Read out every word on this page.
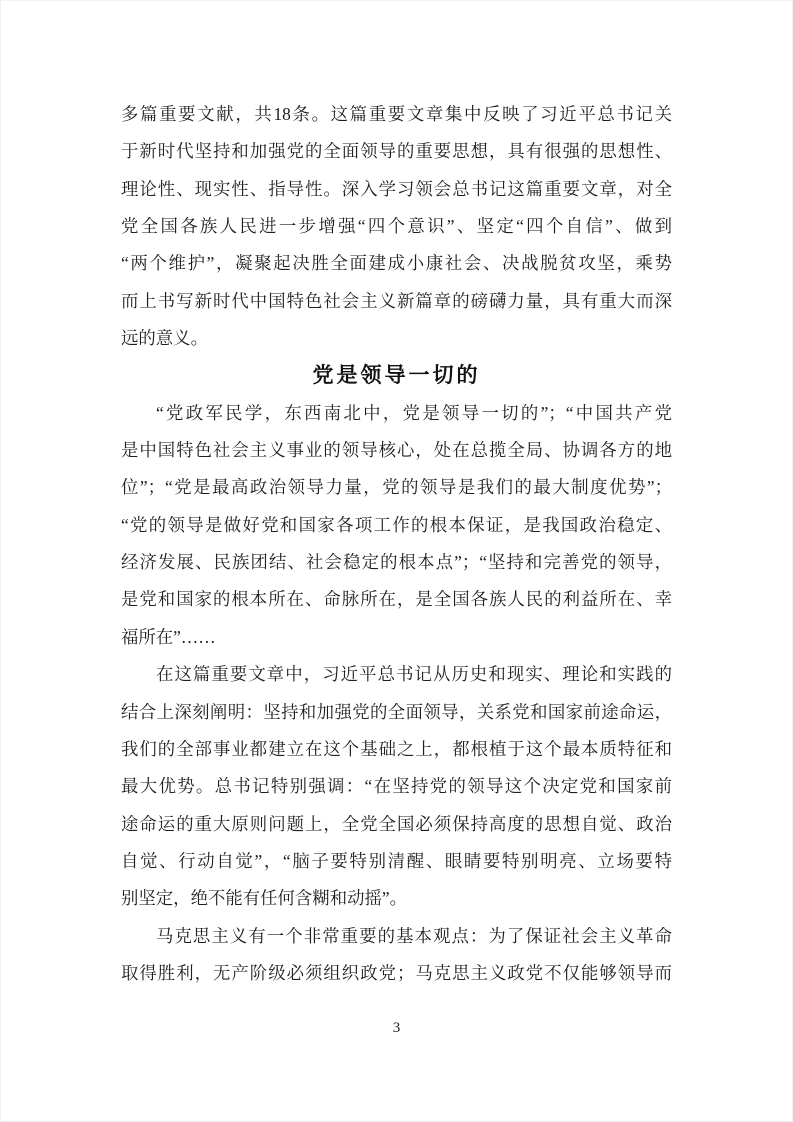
多篇重要文献，共18条。这篇重要文章集中反映了习近平总书记关
于新时代坚持和加强党的全面领导的重要思想，具有很强的思想性、
理论性、现实性、指导性。深入学习领会总书记这篇重要文章，对全
党全国各族人民进一步增强“四个意识”、坚定“四个自信”、做到
“两个维护”，凝聚起决胜全面建成小康社会、决战脱贫攻坚，乘势
而上书写新时代中国特色社会主义新篇章的磅礴力量，具有重大而深
远的意义。
党是领导一切的
“党政军民学，东西南北中，党是领导一切的”；“中国共产党
是中国特色社会主义事业的领导核心，处在总揽全局、协调各方的地
位”；“党是最高政治领导力量，党的领导是我们的最大制度优势”；
“党的领导是做好党和国家各项工作的根本保证，是我国政治稳定、
经济发展、民族团结、社会稳定的根本点”；“坚持和完善党的领导，
是党和国家的根本所在、命脉所在，是全国各族人民的利益所在、幸
福所在”……
在这篇重要文章中，习近平总书记从历史和现实、理论和实践的
结合上深刻阐明：坚持和加强党的全面领导，关系党和国家前途命运，
我们的全部事业都建立在这个基础之上，都根植于这个最本质特征和
最大优势。总书记特别强调：“在坚持党的领导这个决定党和国家前
途命运的重大原则问题上，全党全国必须保持高度的思想自觉、政治
自觉、行动自觉”，“脑子要特别清醒、眼睛要特别明亮、立场要特
别坚定，绝不能有任何含糊和动摇”。
马克思主义有一个非常重要的基本观点：为了保证社会主义革命
取得胜利，无产阶级必须组织政党；马克思主义政党不仅能够领导而
3
